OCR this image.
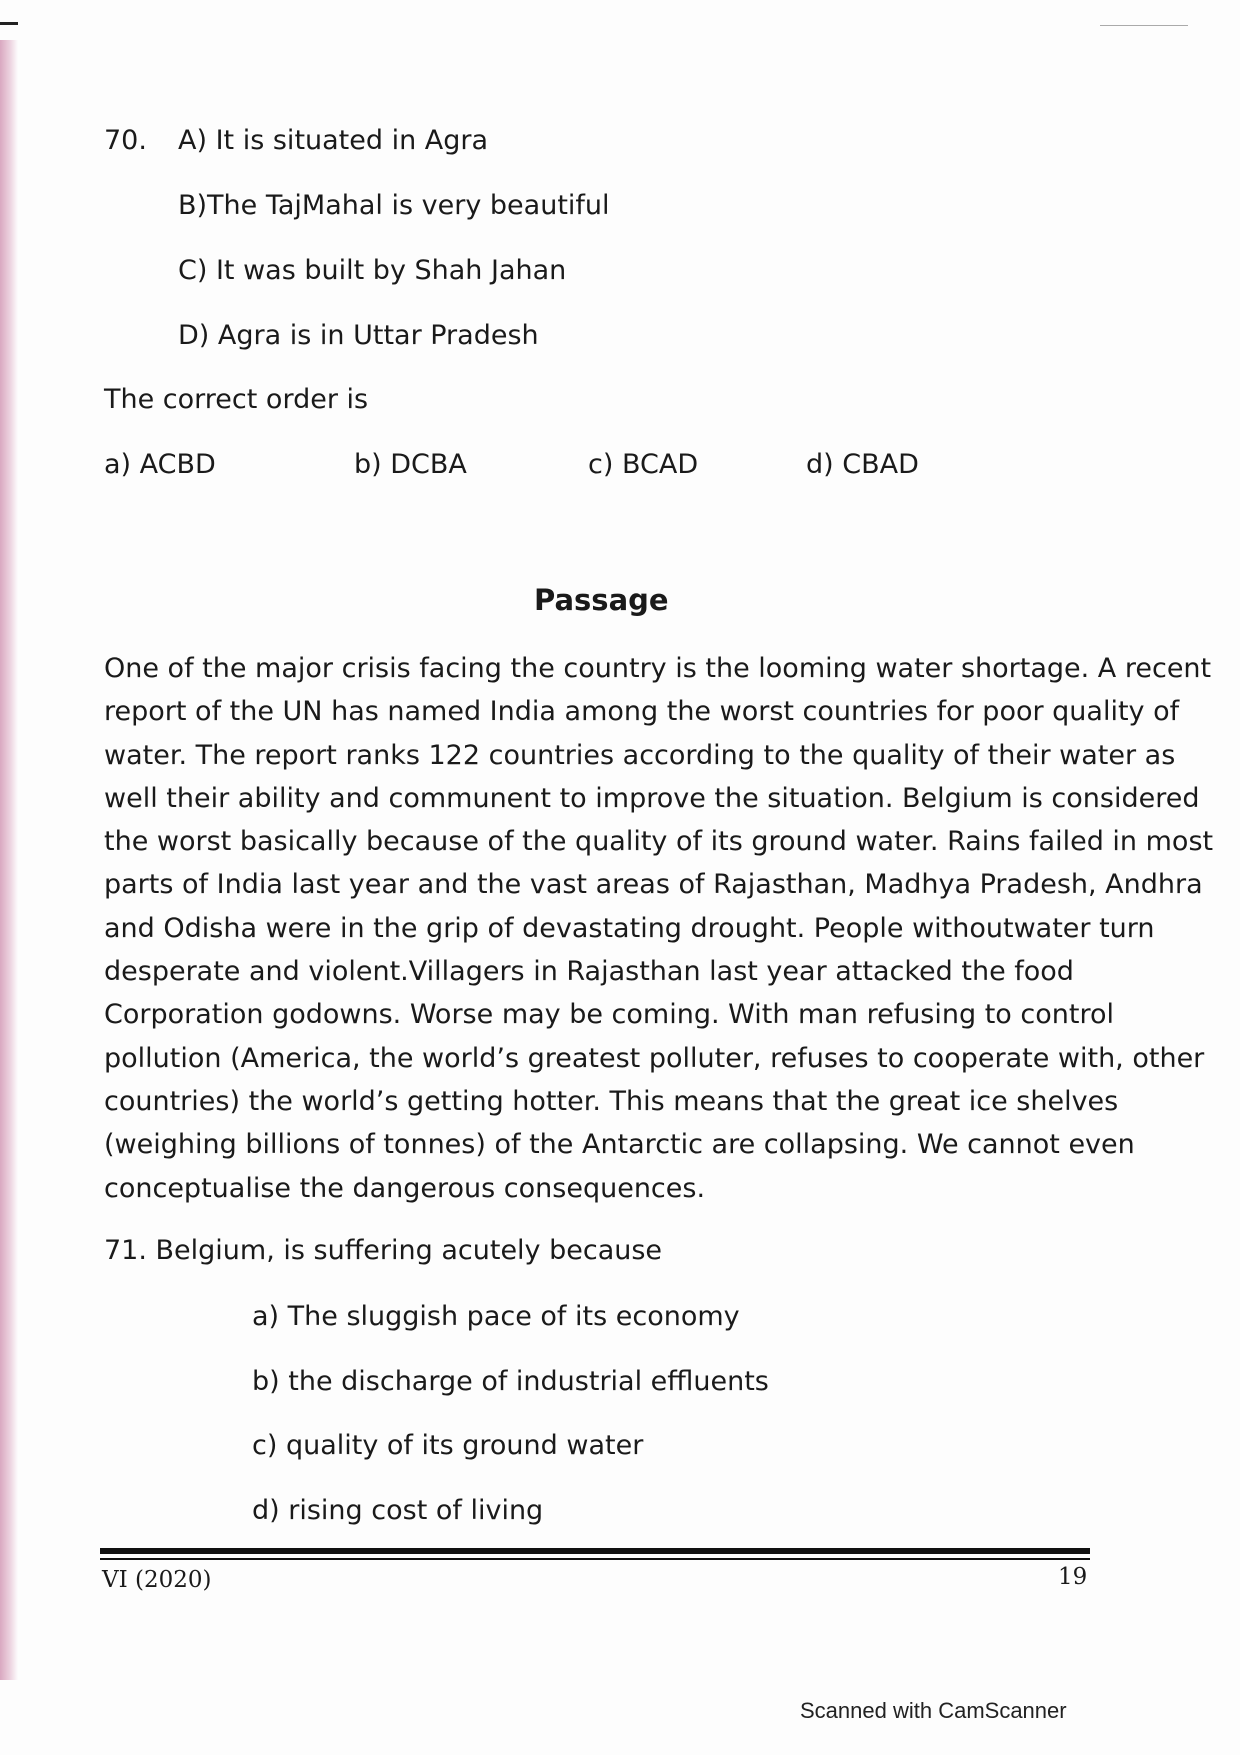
70. A) It is situated in Agra
B)The TajMahal is very beautiful
C) It was built by Shah Jahan
D) Agra is in Uttar Pradesh
The correct order is
a) ACBD	b) DCBA	c) BCAD	d) CBAD
Passage
One of the major crisis facing the country is the looming water shortage. A recent
report of the UN has named India among the worst countries for poor quality of
water. The report ranks 122 countries according to the quality of their water as
well their ability and communent to improve the situation. Belgium is considered
the worst basically because of the quality of its ground water. Rains failed in most
parts of India last year and the vast areas of Rajasthan, Madhya Pradesh, Andhra
and Odisha were in the grip of devastating drought. People withoutwater turn
desperate and violent.Villagers in Rajasthan last year attacked the food
Corporation godowns. Worse may be coming. With man refusing to control
pollution (America, the world’s greatest polluter, refuses to cooperate with, other
countries) the world’s getting hotter. This means that the great ice shelves
(weighing billions of tonnes) of the Antarctic are collapsing. We cannot even
conceptualise the dangerous consequences.
71. Belgium, is suffering acutely because
a) The sluggish pace of its economy
b) the discharge of industrial effluents
c) quality of its ground water
d) rising cost of living
VI (2020)	19
Scanned with CamScanner
